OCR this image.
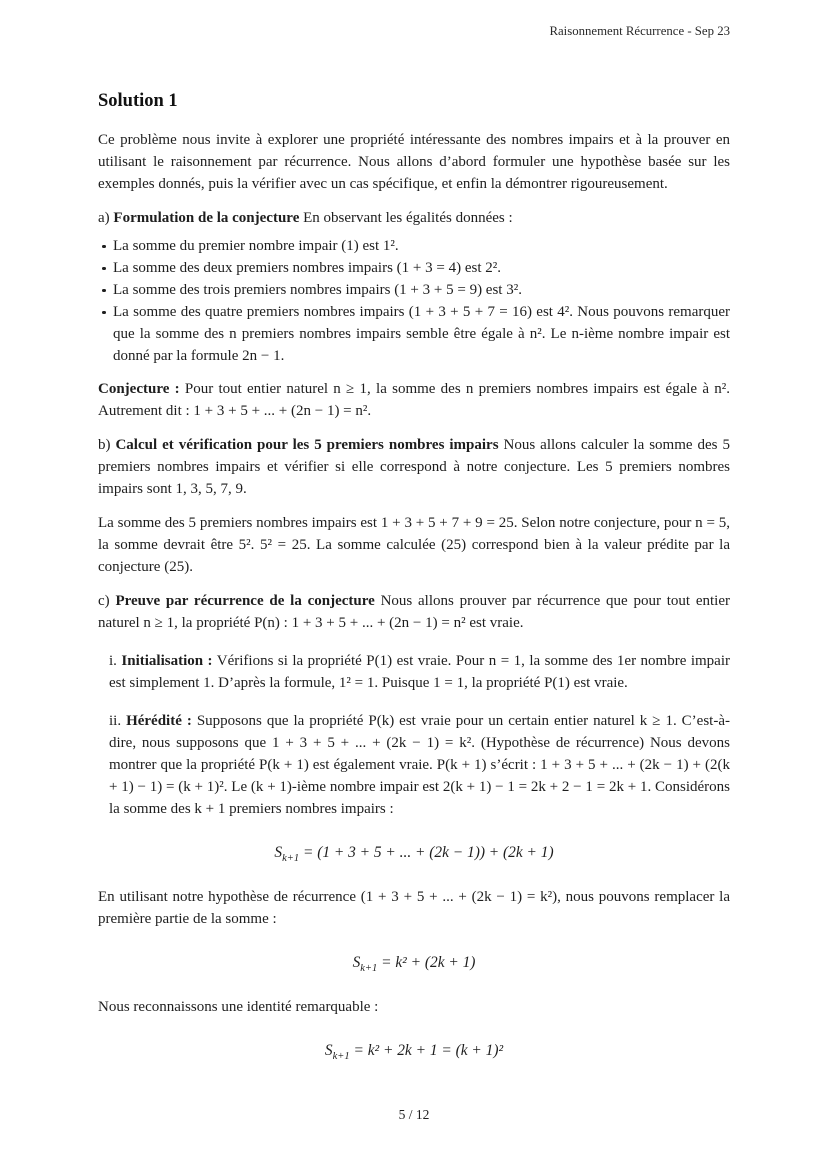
Raisonnement Récurrence - Sep 23
Solution 1

Ce problème nous invite à explorer une propriété intéressante des nombres impairs et à la prouver en utilisant le raisonnement par récurrence. Nous allons d’abord formuler une hypothèse basée sur les exemples donnés, puis la vérifier avec un cas spécifique, et enfin la démontrer rigoureusement.

a) Formulation de la conjecture En observant les égalités données :

La somme du premier nombre impair (1) est 1².
La somme des deux premiers nombres impairs (1 + 3 = 4) est 2².
La somme des trois premiers nombres impairs (1 + 3 + 5 = 9) est 3².
La somme des quatre premiers nombres impairs (1 + 3 + 5 + 7 = 16) est 4². Nous pouvons remarquer que la somme des n premiers nombres impairs semble être égale à n². Le n-ième nombre impair est donné par la formule 2n − 1.

Conjecture : Pour tout entier naturel n ≥ 1, la somme des n premiers nombres impairs est égale à n². Autrement dit : 1 + 3 + 5 + ... + (2n − 1) = n².

b) Calcul et vérification pour les 5 premiers nombres impairs Nous allons calculer la somme des 5 premiers nombres impairs et vérifier si elle correspond à notre conjecture. Les 5 premiers nombres impairs sont 1, 3, 5, 7, 9.

La somme des 5 premiers nombres impairs est 1 + 3 + 5 + 7 + 9 = 25. Selon notre conjecture, pour n = 5, la somme devrait être 5². 5² = 25. La somme calculée (25) correspond bien à la valeur prédite par la conjecture (25).

c) Preuve par récurrence de la conjecture Nous allons prouver par récurrence que pour tout entier naturel n ≥ 1, la propriété P(n) : 1 + 3 + 5 + ... + (2n − 1) = n² est vraie.

i. Initialisation : Vérifions si la propriété P(1) est vraie. Pour n = 1, la somme des 1er nombre impair est simplement 1. D’après la formule, 1² = 1. Puisque 1 = 1, la propriété P(1) est vraie.

ii. Hérédité : Supposons que la propriété P(k) est vraie pour un certain entier naturel k ≥ 1. C’est-à-dire, nous supposons que 1 + 3 + 5 + ... + (2k − 1) = k². (Hypothèse de récurrence) Nous devons montrer que la propriété P(k + 1) est également vraie. P(k + 1) s’écrit : 1 + 3 + 5 + ... + (2k − 1) + (2(k + 1) − 1) = (k + 1)². Le (k + 1)-ième nombre impair est 2(k + 1) − 1 = 2k + 2 − 1 = 2k + 1. Considérons la somme des k + 1 premiers nombres impairs :

$S_{k+1} = (1 + 3 + 5$ + ... + (2k − 1)) + (2k + 1)

En utilisant notre hypothèse de récurrence (1 + 3 + 5 + ... + (2k − 1) = k²), nous pouvons remplacer la première partie de la somme :

$S_{k+1} = k^2 + (2k + 1)$

Nous reconnaissons une identité remarquable :

$S_{k+1} = k^2 + 2k + 1 = (k + 1)^2$
5 / 12
